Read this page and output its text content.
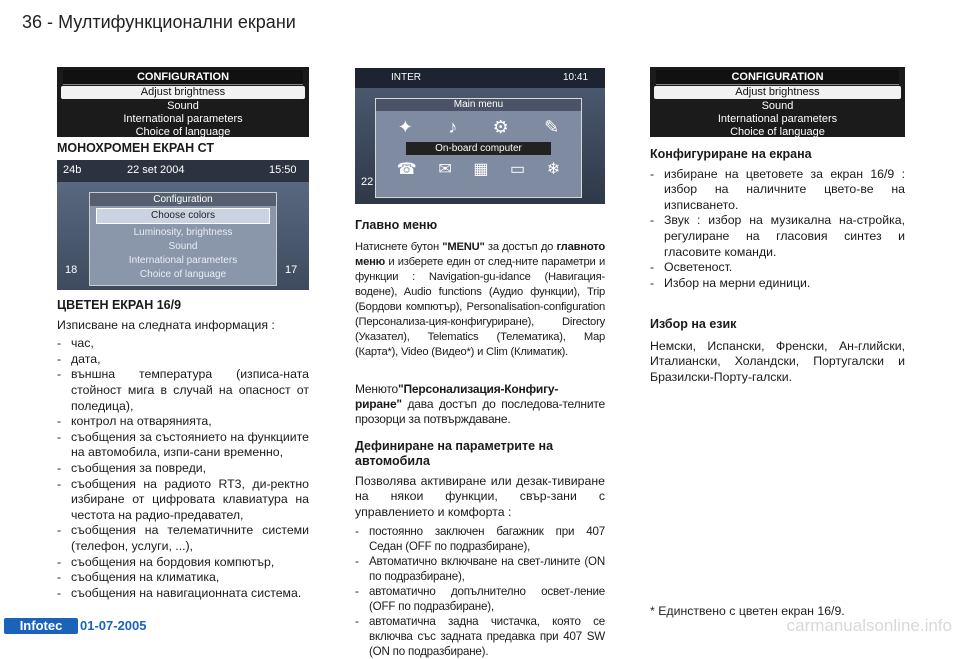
36 - Мултифункционални екрани
CONFIGURATION
Adjust brightness
Sound
International parameters
Choice of language
24b	22 set 2004	15:50
Configuration
Choose colors
Luminosity, brightness
Sound
International parameters
Choice of language
18	17
INTER	10:41
Main menu
✦ ♪ ⚙ ✎
On-board computer
☎ ✉ ▦ ▭ ❄
22
CONFIGURATION
Adjust brightness
Sound
International parameters
Choice of language
МОНОХРОМЕН ЕКРАН СТ
ЦВЕТЕН ЕКРАН 16/9

Изписване на следната информация :

- час,
- дата,
- външна температура (изписа-ната стойност мига в случай на опасност от поледица),
- контрол на отварянията,
- съобщения за състоянието на функциите на автомобила, изпи-сани временно,
- съобщения за повреди,
- съобщения на радиото RT3, ди-ректно избиране от цифровата клавиатура на честота на радио-предавател,
- съобщения на телематичните системи (телефон, услуги, ...),
- съобщения на бордовия компютър,
- съобщения на климатика,
- съобщения на навигационната система.
Главно меню

Натиснете бутон "MENU" за достъп до главното меню и изберете един от след-ните параметри и функции : Navigation-gu-idance (Навигация-водене), Audio functions (Аудио функции), Trip (Бордови компютър), Personalisation-configuration (Персонализа-ция-конфигуриране), Directory (Указател), Telematics (Телематика), Map (Карта*), Video (Видео*) и Clim (Климатик).

Менюто"Персонализация-Конфигу-риране" дава достъп до последова-телните прозорци за потвърждаване.

Дефиниране на параметрите на автомобила

Позволява активиране или дезак-тивиране на някои функции, свър-зани с управлението и комфорта :

- постоянно заключен багажник при 407 Седан (OFF по подразбиране),
- Автоматично включване на свет-лините (ON по подразбиране),
- автоматично допълнително освет-ление (OFF по подразбиране),
- автоматична задна чистачка, която се включва със задната предавка при 407 SW (ON по подразбиране).
Конфигуриране на екрана
- избиране на цветовете за екран 16/9 : избор на наличните цвето-ве на изписването.
- Звук : избор на музикална на-стройка, регулиране на гласовия синтез и гласовите команди.
- Осветеност.
- Избор на мерни единици.
Избор на език

Немски, Испански, Френски, Ан-глийски, Италиански, Холандски, Португалски и Бразилски-Порту-галски.

* Единствено с цветен екран 16/9.
Infotec	01-07-2005	carmanualsonline.info
